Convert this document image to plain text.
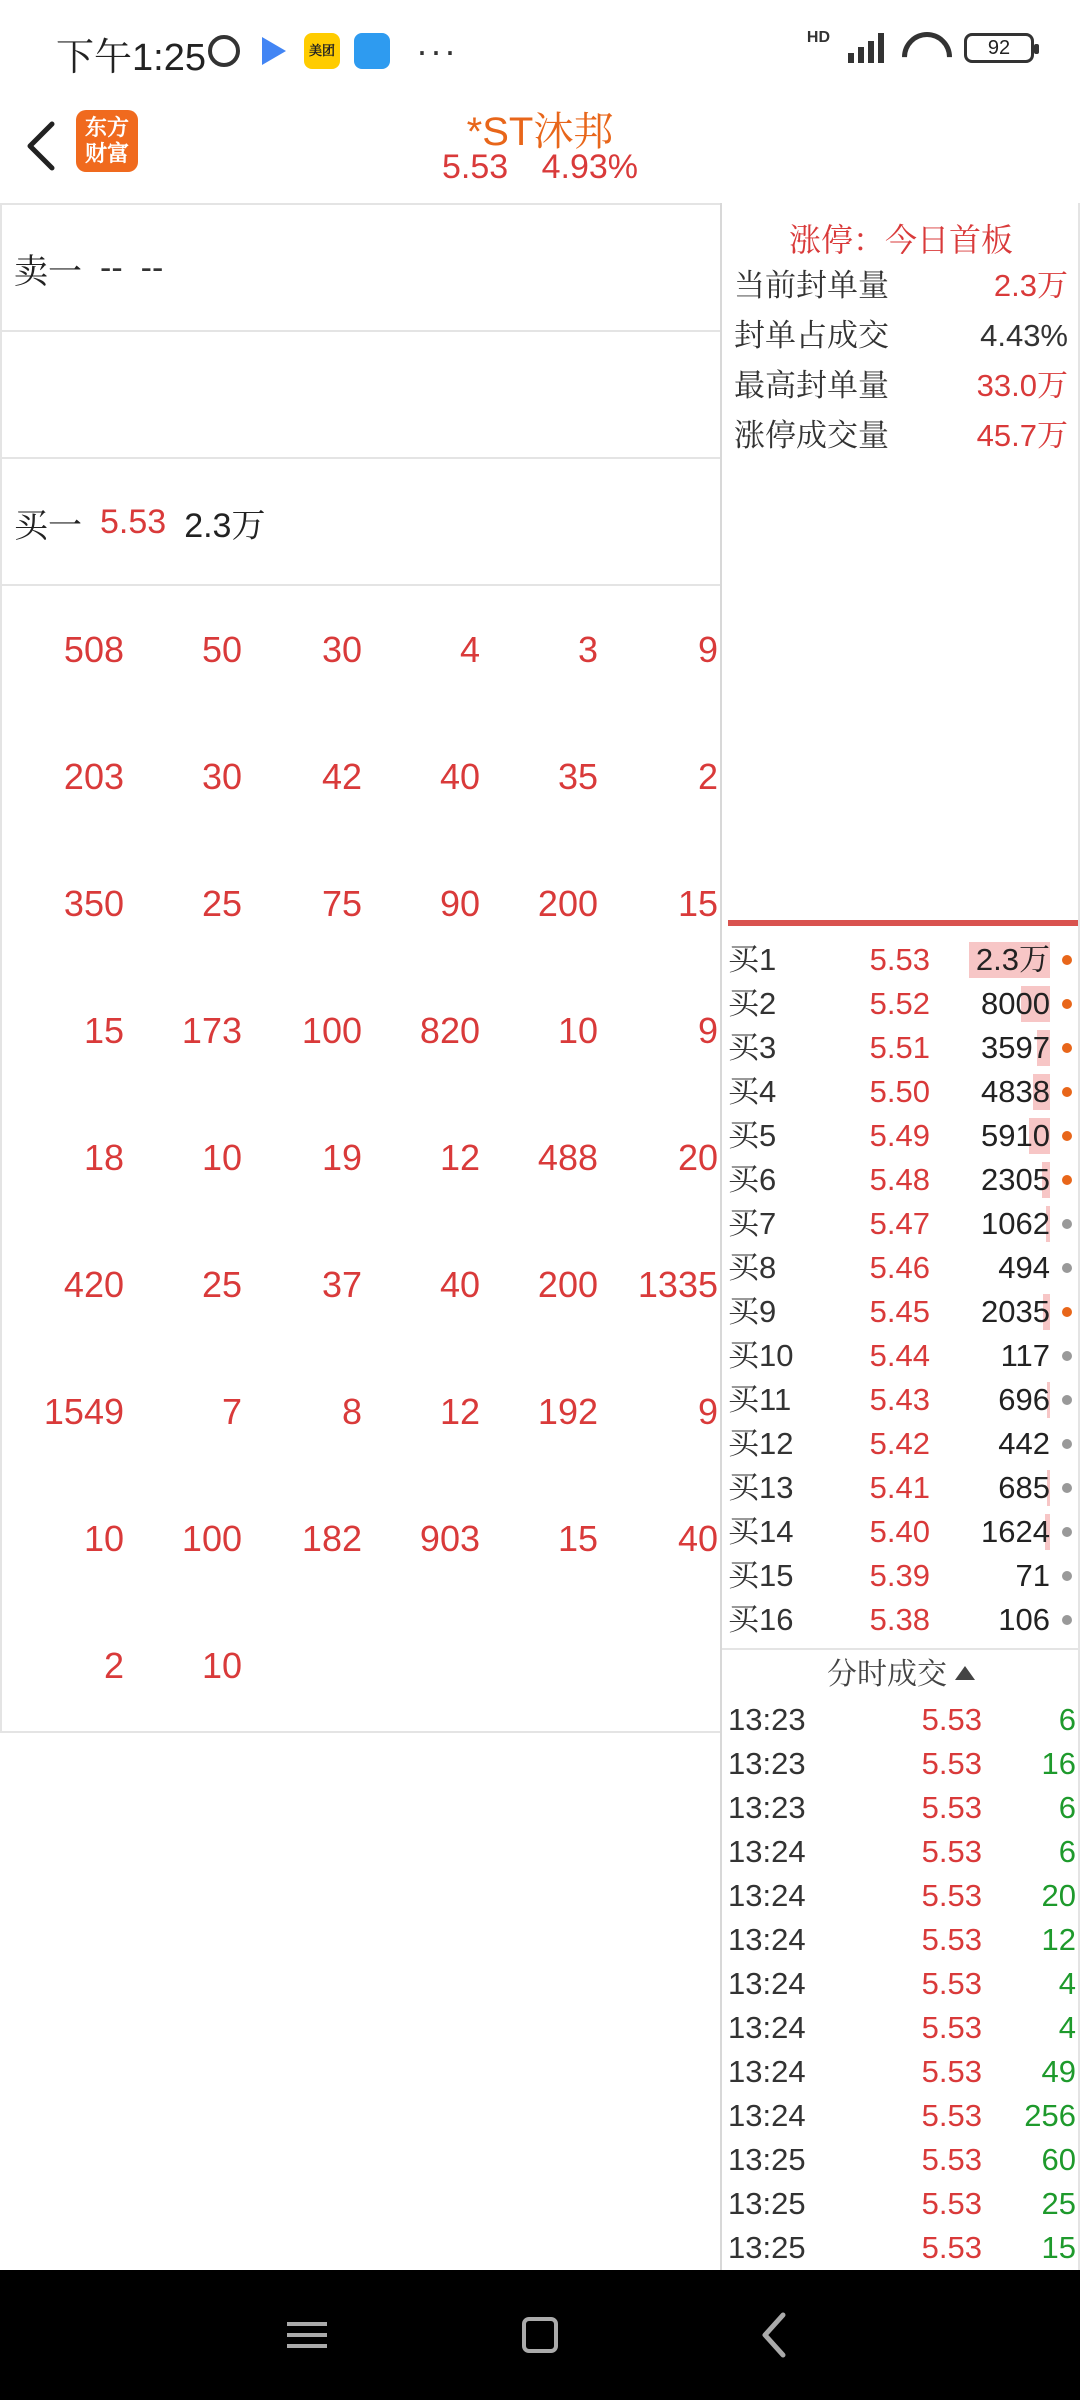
下午1:25	美团 ···	HD	92
东方财富	*ST沐邦
5.53 4.93%
卖一 -- --
买一 5.53 2.3万
508	50	30	4	3	9
203	30	42	40	35	2
350	25	75	90	200	15
15	173	100	820	10	9
18	10	19	12	488	20
420	25	37	40	200	1335
1549	7	8	12	192	9
10	100	182	903	15	40
2	10
涨停：今日首板
当前封单量	2.3万
封单占成交	4.43%
最高封单量	33.0万
涨停成交量	45.7万
买1	5.53	2.3万
买2	5.52	8000
买3	5.51	3597
买4	5.50	4838
买5	5.49	5910
买6	5.48	2305
买7	5.47	1062
买8	5.46	494
买9	5.45	2035
买10	5.44	117
买11	5.43	696
买12	5.42	442
买13	5.41	685
买14	5.40	1624
买15	5.39	71
买16	5.38	106
分时成交
13:23	5.53 6
13:23	5.53 16
13:23	5.53 6
13:24	5.53 6
13:24	5.53 20
13:24	5.53 12
13:24	5.53 4
13:24	5.53 4
13:24	5.53 49
13:24	5.53 256
13:25	5.53 60
13:25	5.53 25
13:25	5.53 15
